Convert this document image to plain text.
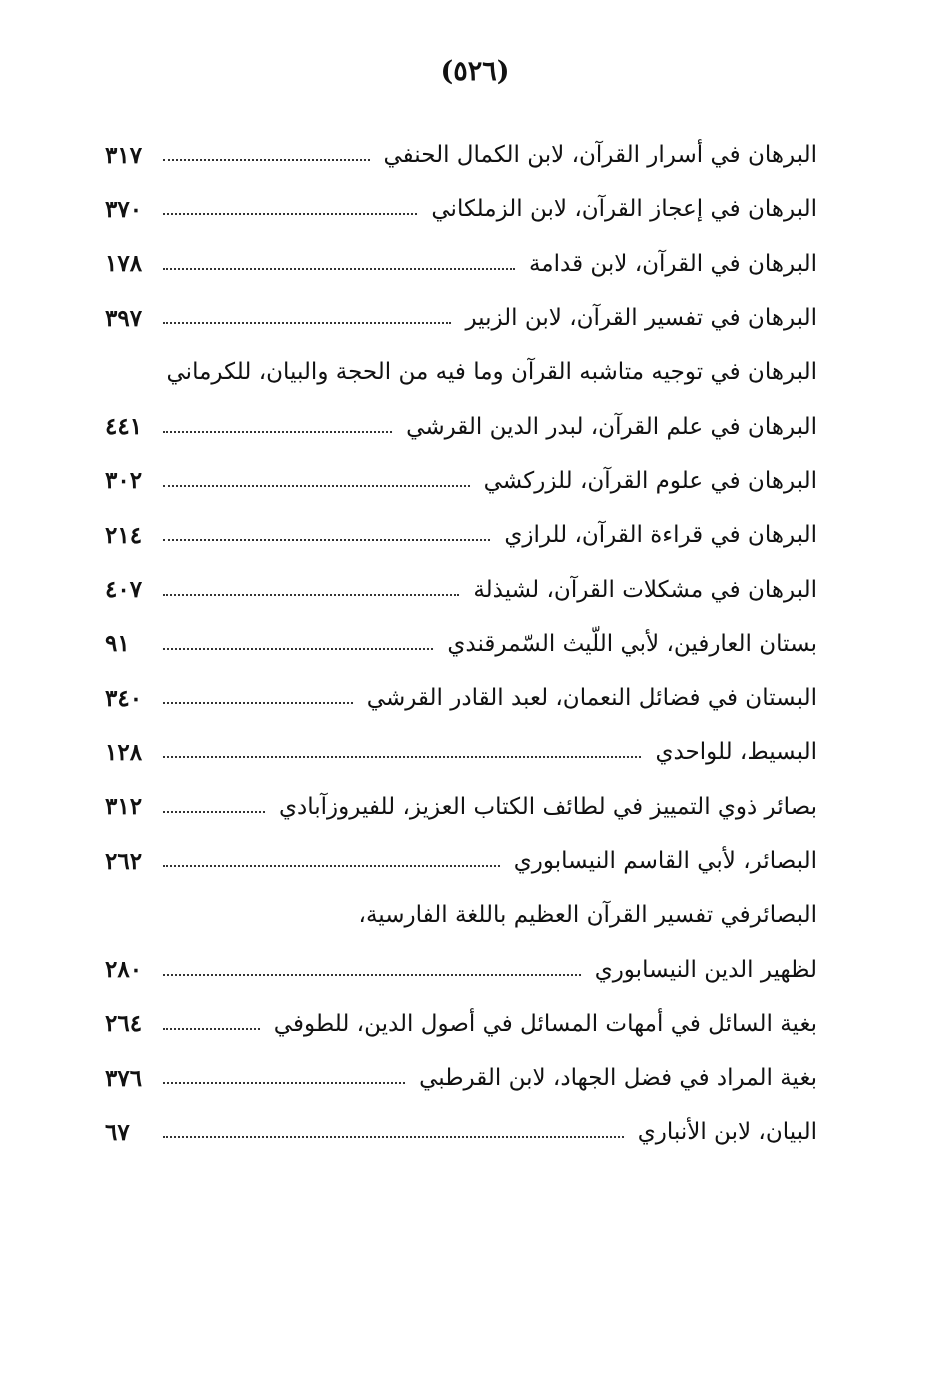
(٥٢٦)
البرهان في أسرار القرآن، لابن الكمال الحنفي
٣١٧
البرهان في إعجاز القرآن، لابن الزملكاني
٣٧٠
البرهان في القرآن، لابن قدامة
١٧٨
البرهان في تفسير القرآن، لابن الزبير
٣٩٧
البرهان في توجيه متاشبه القرآن وما فيه من الحجة والبيان، للكرماني
البرهان في علم القرآن، لبدر الدين القرشي
٤٤١
البرهان في علوم القرآن، للزركشي
٣٠٢
البرهان في قراءة القرآن، للرازي
٢١٤
البرهان في مشكلات القرآن، لشيذلة
٤٠٧
بستان العارفين، لأبي اللّيث السّمرقندي
٩١
البستان في فضائل النعمان، لعبد القادر القرشي
٣٤٠
البسيط، للواحدي
١٢٨
بصائر ذوي التمييز في لطائف الكتاب العزيز، للفيروزآبادي
٣١٢
البصائر، لأبي القاسم النيسابوري
٢٦٢
البصائرفي تفسير القرآن العظيم باللغة الفارسية،
لظهير الدين النيسابوري
٢٨٠
بغية السائل في أمهات المسائل في أصول الدين، للطوفي
٢٦٤
بغية المراد في فضل الجهاد، لابن القرطبي
٣٧٦
البيان، لابن الأنباري
٦٧
